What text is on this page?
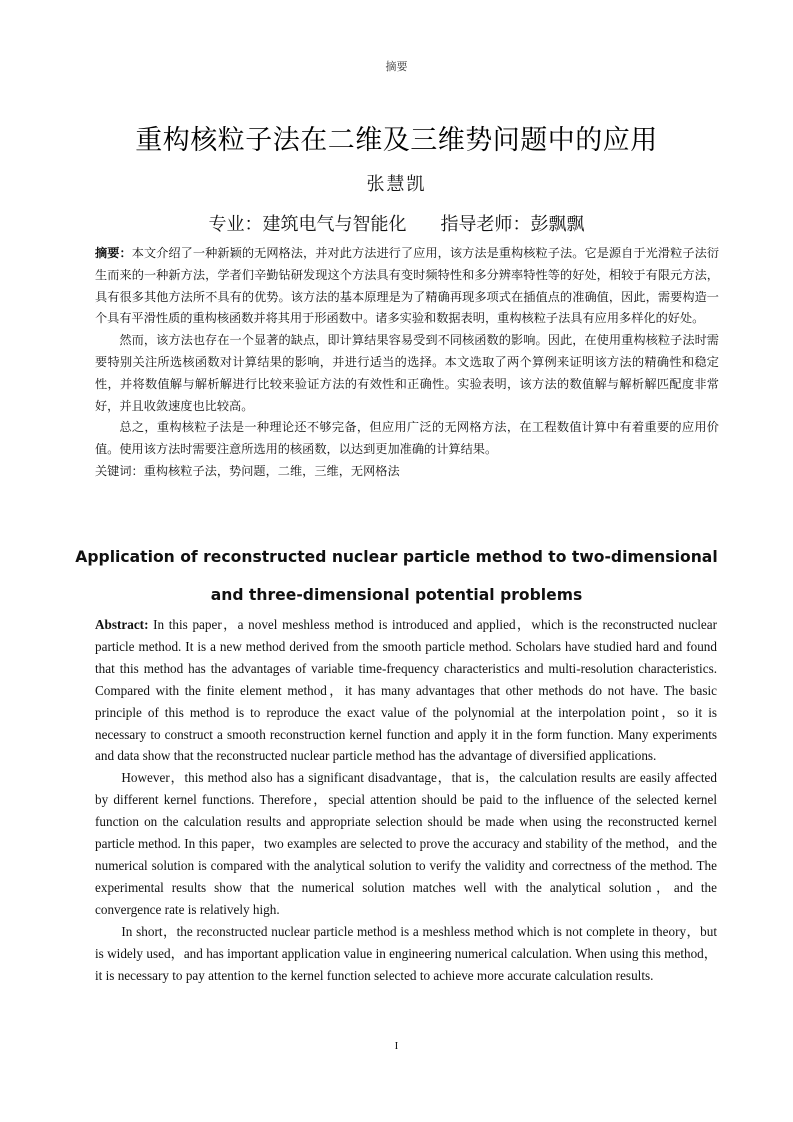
摘要
重构核粒子法在二维及三维势问题中的应用
张慧凯
专业：建筑电气与智能化 指导老师：彭飘飘

摘要：本文介绍了一种新颖的无网格法，并对此方法进行了应用，该方法是重构核粒子法。它是源自于光滑粒子法衍生而来的一种新方法，学者们辛勤钻研发现这个方法具有变时频特性和多分辨率特性等的好处，相较于有限元方法，具有很多其他方法所不具有的优势。该方法的基本原理是为了精确再现多项式在插值点的准确值，因此，需要构造一个具有平滑性质的重构核函数并将其用于形函数中。诸多实验和数据表明，重构核粒子法具有应用多样化的好处。

然而，该方法也存在一个显著的缺点，即计算结果容易受到不同核函数的影响。因此，在使用重构核粒子法时需要特别关注所选核函数对计算结果的影响，并进行适当的选择。本文选取了两个算例来证明该方法的精确性和稳定性，并将数值解与解析解进行比较来验证方法的有效性和正确性。实验表明，该方法的数值解与解析解匹配度非常好，并且收敛速度也比较高。

总之，重构核粒子法是一种理论还不够完备，但应用广泛的无网格方法，在工程数值计算中有着重要的应用价值。使用该方法时需要注意所选用的核函数，以达到更加准确的计算结果。

关键词：重构核粒子法，势问题，二维，三维，无网格法

Application of reconstructed nuclear particle method to two-dimensional and three-dimensional potential problems

Abstract: In this paper，a novel meshless method is introduced and applied，which is the reconstructed nuclear particle method. It is a new method derived from the smooth particle method. Scholars have studied hard and found that this method has the advantages of variable time-frequency characteristics and multi-resolution characteristics. Compared with the finite element method，it has many advantages that other methods do not have. The basic principle of this method is to reproduce the exact value of the polynomial at the interpolation point，so it is necessary to construct a smooth reconstruction kernel function and apply it in the form function. Many experiments and data show that the reconstructed nuclear particle method has the advantage of diversified applications.

However，this method also has a significant disadvantage，that is，the calculation results are easily affected by different kernel functions. Therefore，special attention should be paid to the influence of the selected kernel function on the calculation results and appropriate selection should be made when using the reconstructed kernel particle method. In this paper，two examples are selected to prove the accuracy and stability of the method，and the numerical solution is compared with the analytical solution to verify the validity and correctness of the method. The experimental results show that the numerical solution matches well with the analytical solution，and the convergence rate is relatively high.

In short，the reconstructed nuclear particle method is a meshless method which is not complete in theory，but is widely used，and has important application value in engineering numerical calculation. When using this method，it is necessary to pay attention to the kernel function selected to achieve more accurate calculation results.

I
